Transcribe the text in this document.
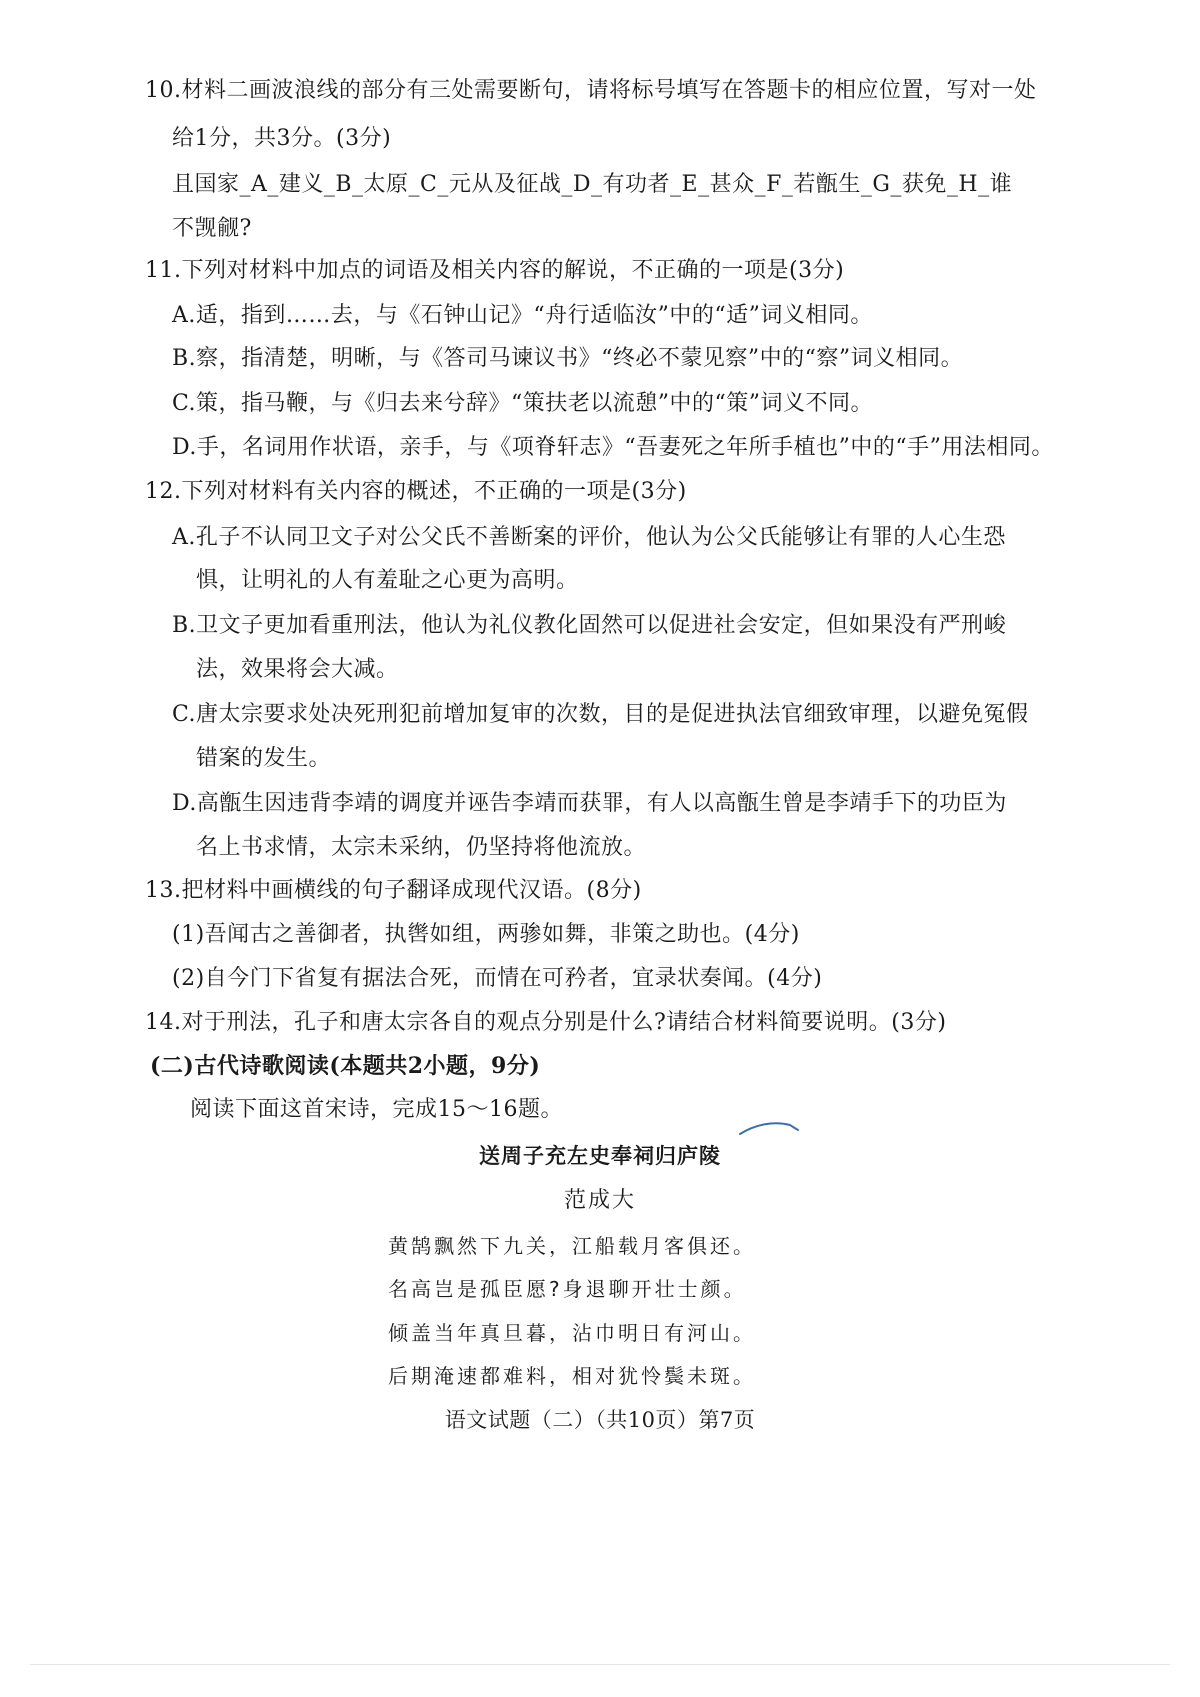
10.材料二画波浪线的部分有三处需要断句，请将标号填写在答题卡的相应位置，写对一处
给1分，共3分。(3分)
且国家_A_建义_B_太原_C_元从及征战_D_有功者_E_甚众_F_若甑生_G_获免_H_谁
不觊觎?
11.下列对材料中加点的词语及相关内容的解说，不正确的一项是(3分)
A.适，指到……去，与《石钟山记》“舟行适临汝”中的“适”词义相同。
B.察，指清楚，明晰，与《答司马谏议书》“终必不蒙见察”中的“察”词义相同。
C.策，指马鞭，与《归去来兮辞》“策扶老以流憩”中的“策”词义不同。
D.手，名词用作状语，亲手，与《项脊轩志》“吾妻死之年所手植也”中的“手”用法相同。
12.下列对材料有关内容的概述，不正确的一项是(3分)
A.孔子不认同卫文子对公父氏不善断案的评价，他认为公父氏能够让有罪的人心生恐
惧，让明礼的人有羞耻之心更为高明。
B.卫文子更加看重刑法，他认为礼仪教化固然可以促进社会安定，但如果没有严刑峻
法，效果将会大减。
C.唐太宗要求处决死刑犯前增加复审的次数，目的是促进执法官细致审理，以避免冤假
错案的发生。
D.高甑生因违背李靖的调度并诬告李靖而获罪，有人以高甑生曾是李靖手下的功臣为
名上书求情，太宗未采纳，仍坚持将他流放。
13.把材料中画横线的句子翻译成现代汉语。(8分)
(1)吾闻古之善御者，执辔如组，两骖如舞，非策之助也。(4分)
(2)自今门下省复有据法合死，而情在可矜者，宜录状奏闻。(4分)
14.对于刑法，孔子和唐太宗各自的观点分别是什么?请结合材料简要说明。(3分)
(二)古代诗歌阅读(本题共2小题，9分)
阅读下面这首宋诗，完成15～16题。
送周子充左史奉祠归庐陵
范成大
黄鹄飘然下九关，江船载月客俱还。
名高岂是孤臣愿?身退聊开壮士颜。
倾盖当年真旦暮，沾巾明日有河山。
后期淹速都难料，相对犹怜鬓未斑。
语文试题（二）（共10页）第7页
